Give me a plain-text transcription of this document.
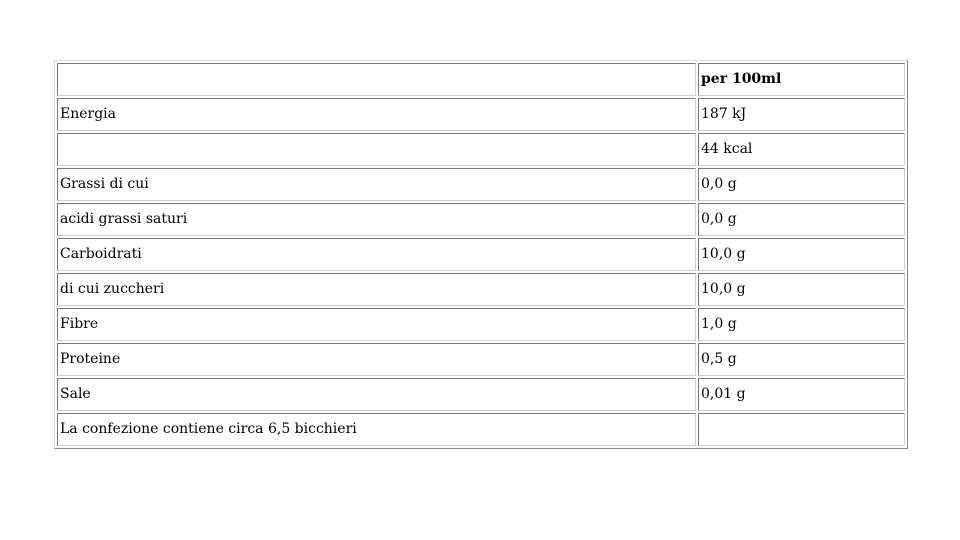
	per 100ml
Energia	187 kJ
	44 kcal
Grassi di cui	0,0 g
acidi grassi saturi	0,0 g
Carboidrati	10,0 g
di cui zuccheri	10,0 g
Fibre	1,0 g
Proteine	0,5 g
Sale	0,01 g
La confezione contiene circa 6,5 bicchieri	
